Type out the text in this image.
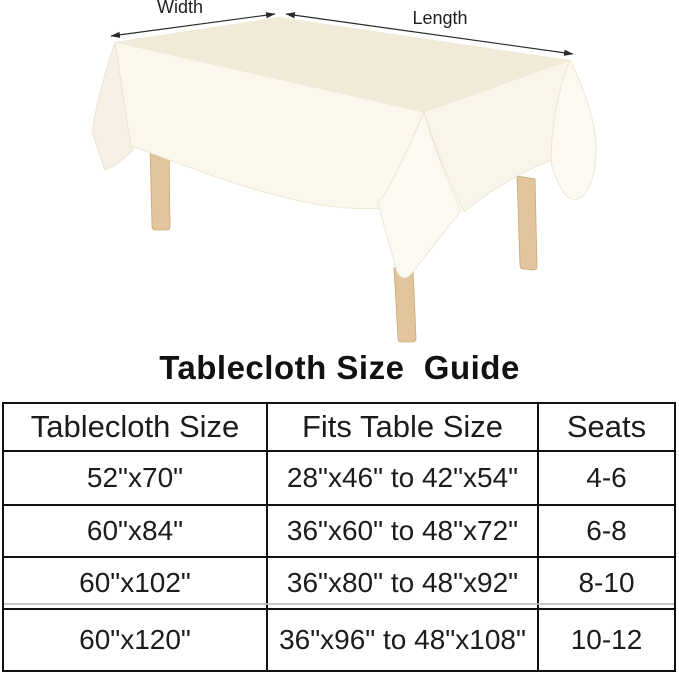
Width
Length
Tablecloth Size  Guide
Tablecloth Size	Fits Table Size	Seats
52"x70"	28"x46" to 42"x54"	4-6
60"x84"	36"x60" to 48"x72"	6-8
60"x102"	36"x80" to 48"x92"	8-10
60"x120"	36"x96" to 48"x108"	10-12
